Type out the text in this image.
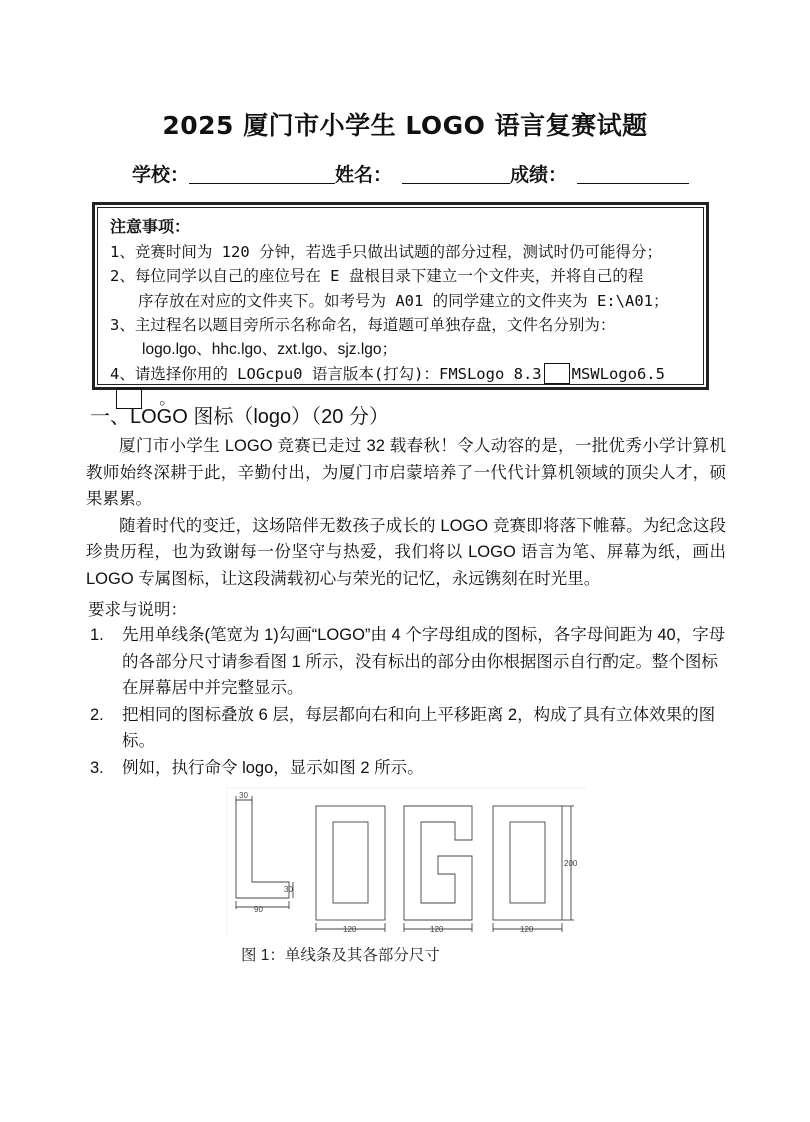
2025 厦门市小学生 LOGO 语言复赛试题
学校：	姓名：	成绩：
注意事项：
1、竞赛时间为 120 分钟，若选手只做出试题的部分过程，测试时仍可能得分；
2、每位同学以自己的座位号在 E 盘根目录下建立一个文件夹，并将自己的程
序存放在对应的文件夹下。如考号为 A01 的同学建立的文件夹为 E:\A01；
3、主过程名以题目旁所示名称命名，每道题可单独存盘，文件名分别为：
logo.lgo、hhc.lgo、zxt.lgo、sjz.lgo；
4、请选择你用的 LOGcpu0 语言版本(打勾)：FMSLogo 8.3 MSWLogo6.5  。
一、LOGO 图标（logo）（20 分）

厦门市小学生 LOGO 竞赛已走过 32 载春秋！令人动容的是，一批优秀小学计算机教师始终深耕于此，辛勤付出，为厦门市启蒙培养了一代代计算机领域的顶尖人才，硕果累累。

随着时代的变迁，这场陪伴无数孩子成长的 LOGO 竞赛即将落下帷幕。为纪念这段珍贵历程，也为致谢每一份坚守与热爱，我们将以 LOGO 语言为笔、屏幕为纸，画出 LOGO 专属图标，让这段满载初心与荣光的记忆，永远镌刻在时光里。

要求与说明：
1.	先用单线条(笔宽为 1)勾画“LOGO”由 4 个字母组成的图标，各字母间距为 40，字母的各部分尺寸请参看图 1 所示，没有标出的部分由你根据图示自行酌定。整个图标在屏幕居中并完整显示。
2.	把相同的图标叠放 6 层，每层都向右和向上平移距离 2，构成了具有立体效果的图标。
3.	例如，执行命令 logo，显示如图 2 所示。
30
30
90
120	120	120
200
图 1：单线条及其各部分尺寸
